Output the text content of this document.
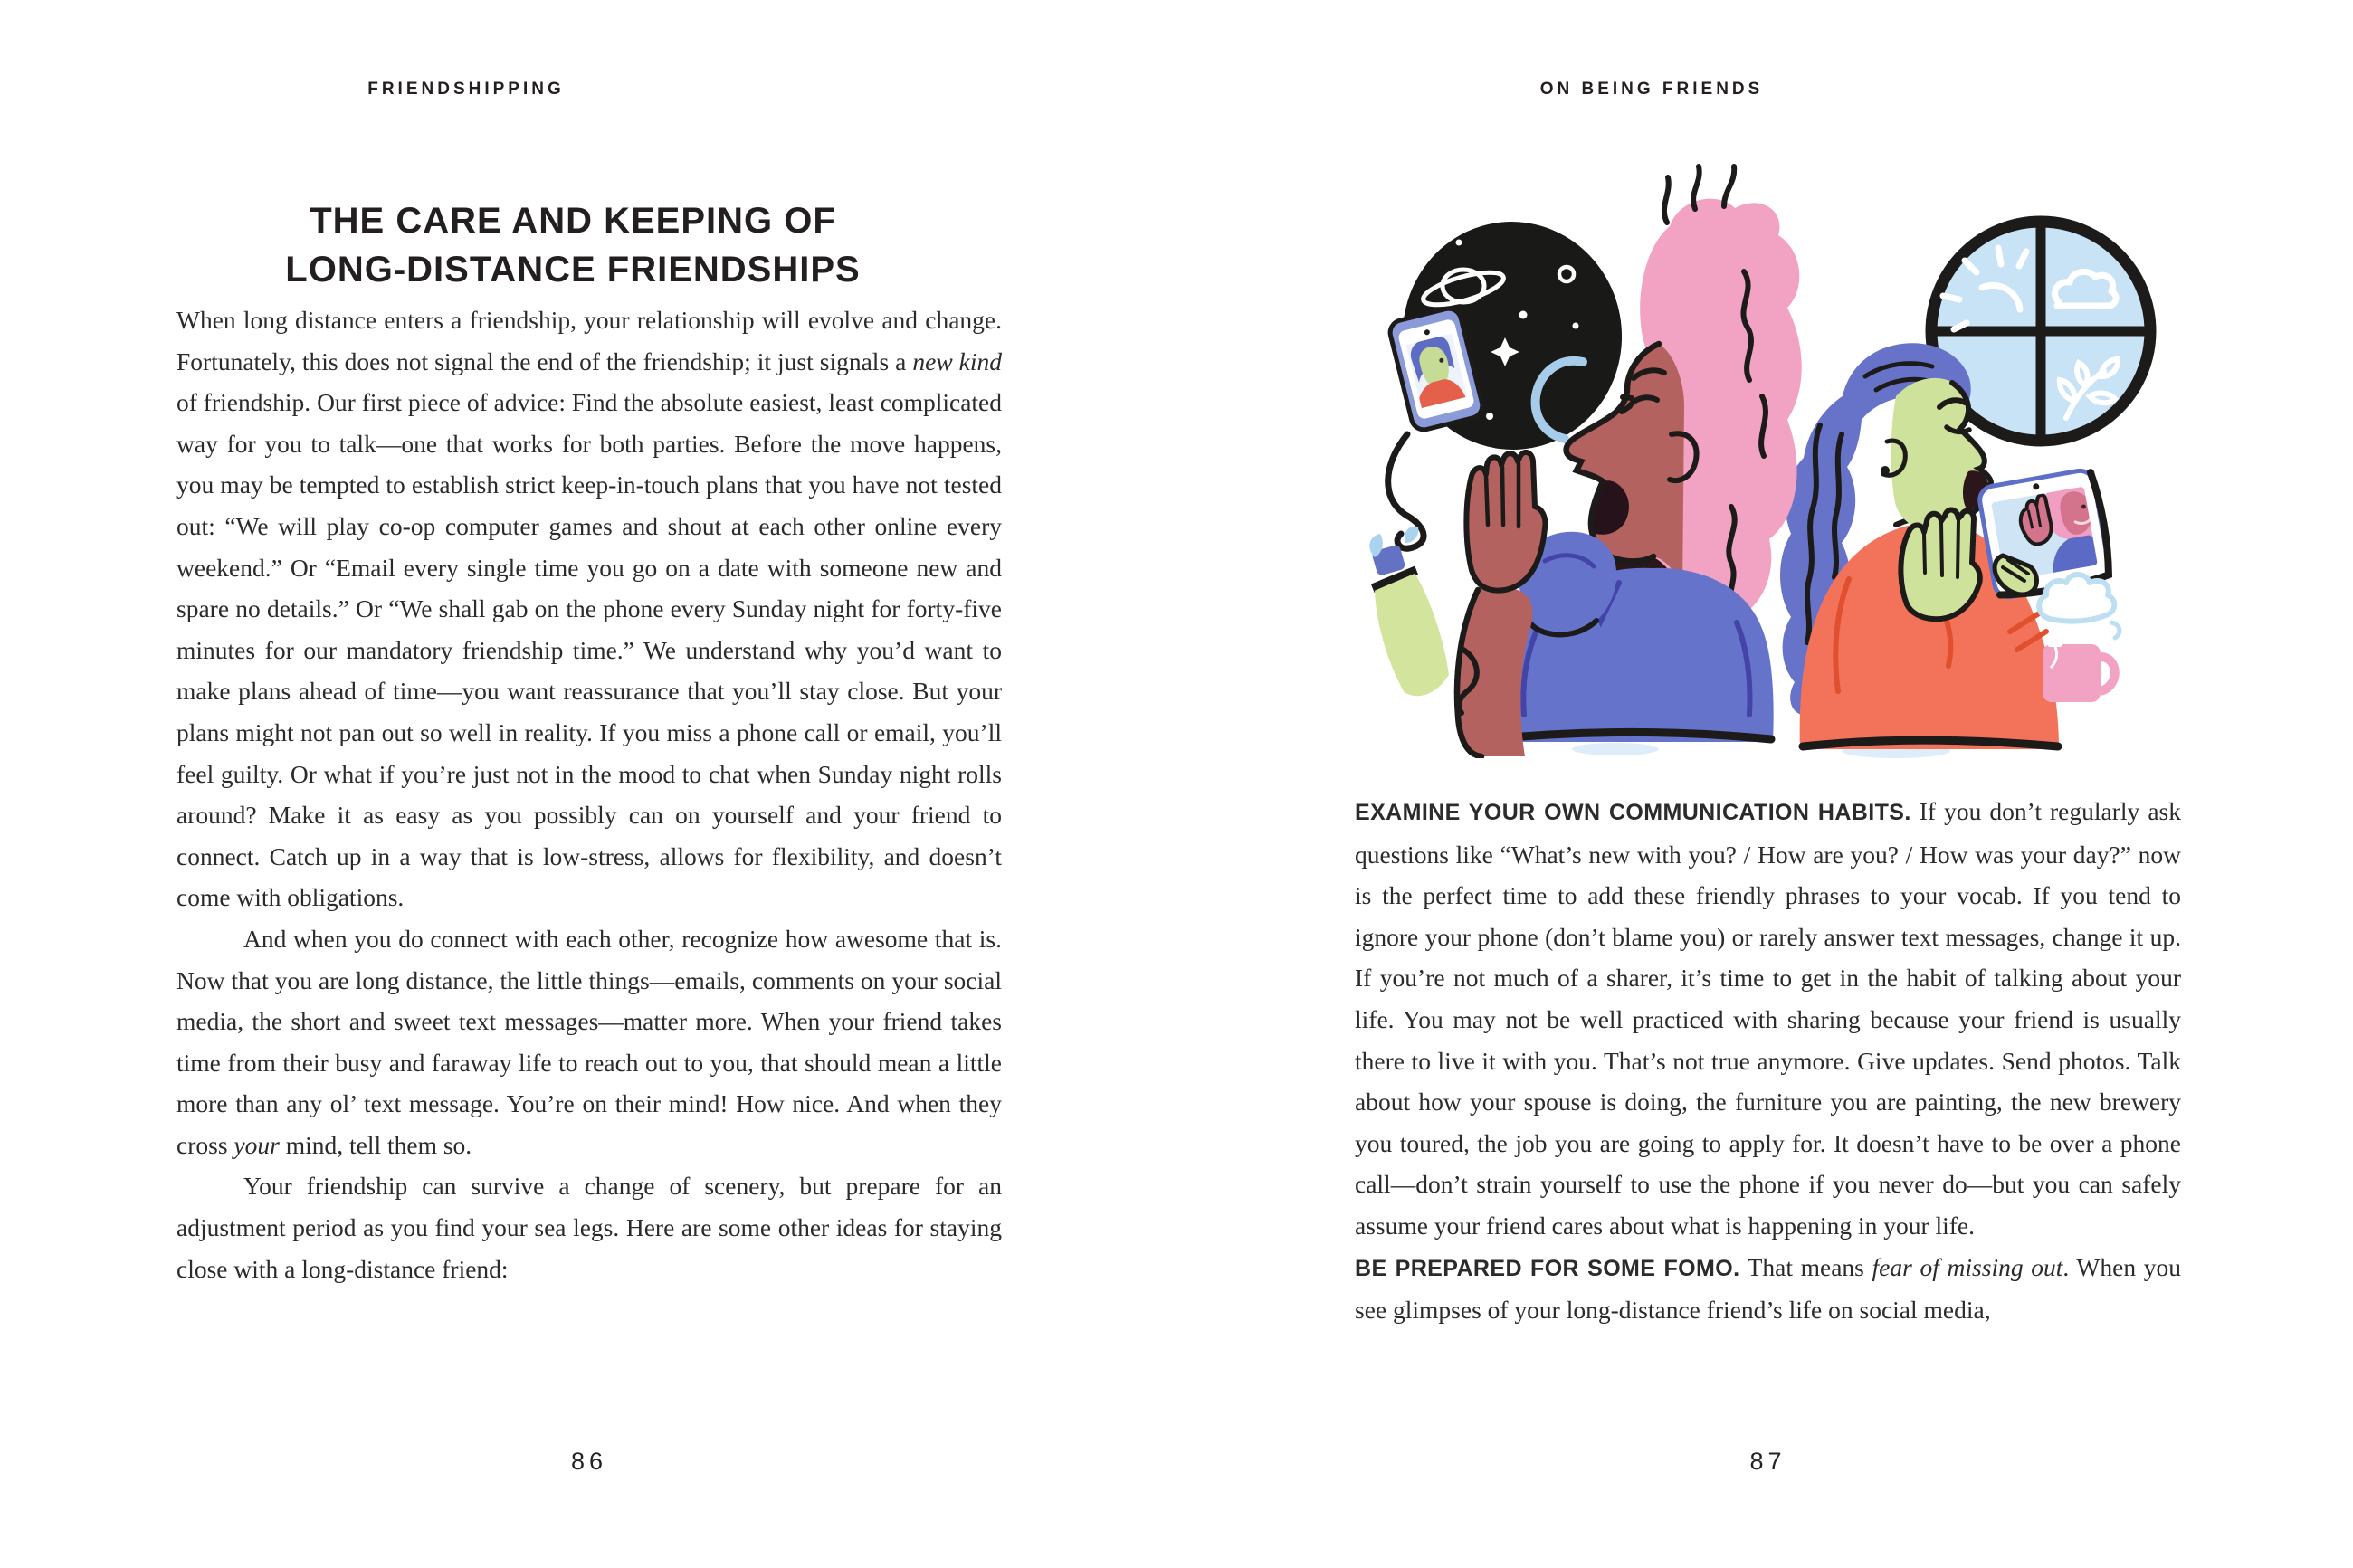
FRIENDSHIPPING
THE CARE AND KEEPING OF
LONG-DISTANCE FRIENDSHIPS

When long distance enters a friendship, your relationship will evolve and change. Fortunately, this does not signal the end of the friendship; it just signals a new kind of friendship. Our first piece of advice: Find the absolute easiest, least complicated way for you to talk—one that works for both parties. Before the move happens, you may be tempted to establish strict keep-in-touch plans that you have not tested out: “We will play co-op computer games and shout at each other online every weekend.” Or “Email every single time you go on a date with someone new and spare no details.” Or “We shall gab on the phone every Sunday night for forty-five minutes for our mandatory friendship time.” We understand why you’d want to make plans ahead of time—you want reassurance that you’ll stay close. But your plans might not pan out so well in reality. If you miss a phone call or email, you’ll feel guilty. Or what if you’re just not in the mood to chat when Sunday night rolls around? Make it as easy as you possibly can on yourself and your friend to connect. Catch up in a way that is low-stress, allows for flexibility, and doesn’t come with obligations.

And when you do connect with each other, recognize how awesome that is. Now that you are long distance, the little things—emails, comments on your social media, the short and sweet text messages—matter more. When your friend takes time from their busy and faraway life to reach out to you, that should mean a little more than any ol’ text message. You’re on their mind! How nice. And when they cross your mind, tell them so.

Your friendship can survive a change of scenery, but prepare for an adjustment period as you find your sea legs. Here are some other ideas for staying close with a long-distance friend:

86
ON BEING FRIENDS

EXAMINE YOUR OWN COMMUNICATION HABITS. If you don’t regularly ask questions like “What’s new with you? / How are you? / How was your day?” now is the perfect time to add these friendly phrases to your vocab. If you tend to ignore your phone (don’t blame you) or rarely answer text messages, change it up. If you’re not much of a sharer, it’s time to get in the habit of talking about your life. You may not be well practiced with sharing because your friend is usually there to live it with you. That’s not true anymore. Give updates. Send photos. Talk about how your spouse is doing, the furniture you are painting, the new brewery you toured, the job you are going to apply for. It doesn’t have to be over a phone call—don’t strain yourself to use the phone if you never do—but you can safely assume your friend cares about what is happening in your life.

BE PREPARED FOR SOME FOMO. That means fear of missing out. When you see glimpses of your long-distance friend’s life on social media,

87
